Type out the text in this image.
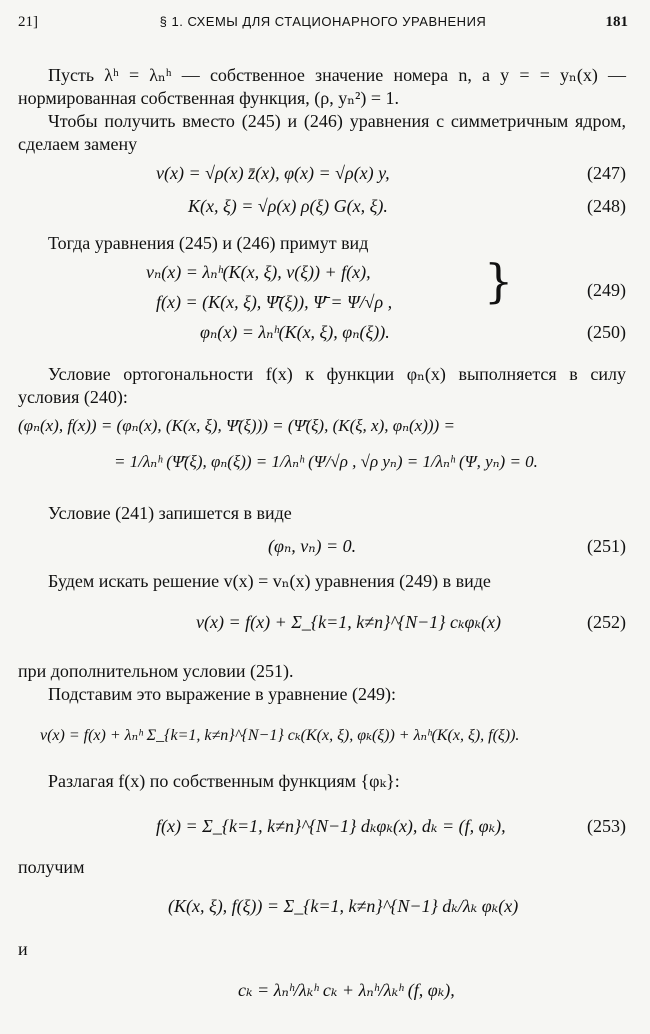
21]	§ 1. СХЕМЫ ДЛЯ СТАЦИОНАРНОГО УРАВНЕНИЯ	181
Пусть λʰ = λₙʰ — собственное значение номера n, а y = = yₙ(x) — нормированная собственная функция, (ρ, yₙ²) = 1.
Чтобы получить вместо (245) и (246) уравнения с симметричным ядром, сделаем замену
v(x) = √ρ(x) z̄(x), φ(x) = √ρ(x) y,	(247)
K(x, ξ) = √ρ(x) ρ(ξ) G(x, ξ).	(248)
Тогда уравнения (245) и (246) примут вид
vₙ(x) = λₙʰ(K(x, ξ), v(ξ)) + f(x),
f(x) = (K(x, ξ), Ψ̄(ξ)), Ψ̄ = Ψ/√ρ , }	(249)
φₙ(x) = λₙʰ(K(x, ξ), φₙ(ξ)).	(250)
Условие ортогональности f(x) к функции φₙ(x) выполняется в силу условия (240):
(φₙ(x), f(x)) = (φₙ(x), (K(x, ξ), Ψ̄(ξ))) = (Ψ̄(ξ), (K(ξ, x), φₙ(x))) =
= 1/λₙʰ (Ψ̄(ξ), φₙ(ξ)) = 1/λₙʰ (Ψ/√ρ , √ρ yₙ) = 1/λₙʰ (Ψ, yₙ) = 0.
Условие (241) запишется в виде
(φₙ, vₙ) = 0.	(251)
Будем искать решение v(x) = vₙ(x) уравнения (249) в виде
v(x) = f(x) + Σ_{k=1, k≠n}^{N−1} cₖφₖ(x)	(252)
при дополнительном условии (251).
Подставим это выражение в уравнение (249):
v(x) = f(x) + λₙʰ Σ_{k=1, k≠n}^{N−1} cₖ(K(x, ξ), φₖ(ξ)) + λₙʰ(K(x, ξ), f(ξ)).
Разлагая f(x) по собственным функциям {φₖ}:
f(x) = Σ_{k=1, k≠n}^{N−1} dₖφₖ(x), dₖ = (f, φₖ),	(253)
получим
(K(x, ξ), f(ξ)) = Σ_{k=1, k≠n}^{N−1} dₖ/λₖ φₖ(x)
и
cₖ = λₙʰ/λₖʰ cₖ + λₙʰ/λₖʰ (f, φₖ),
